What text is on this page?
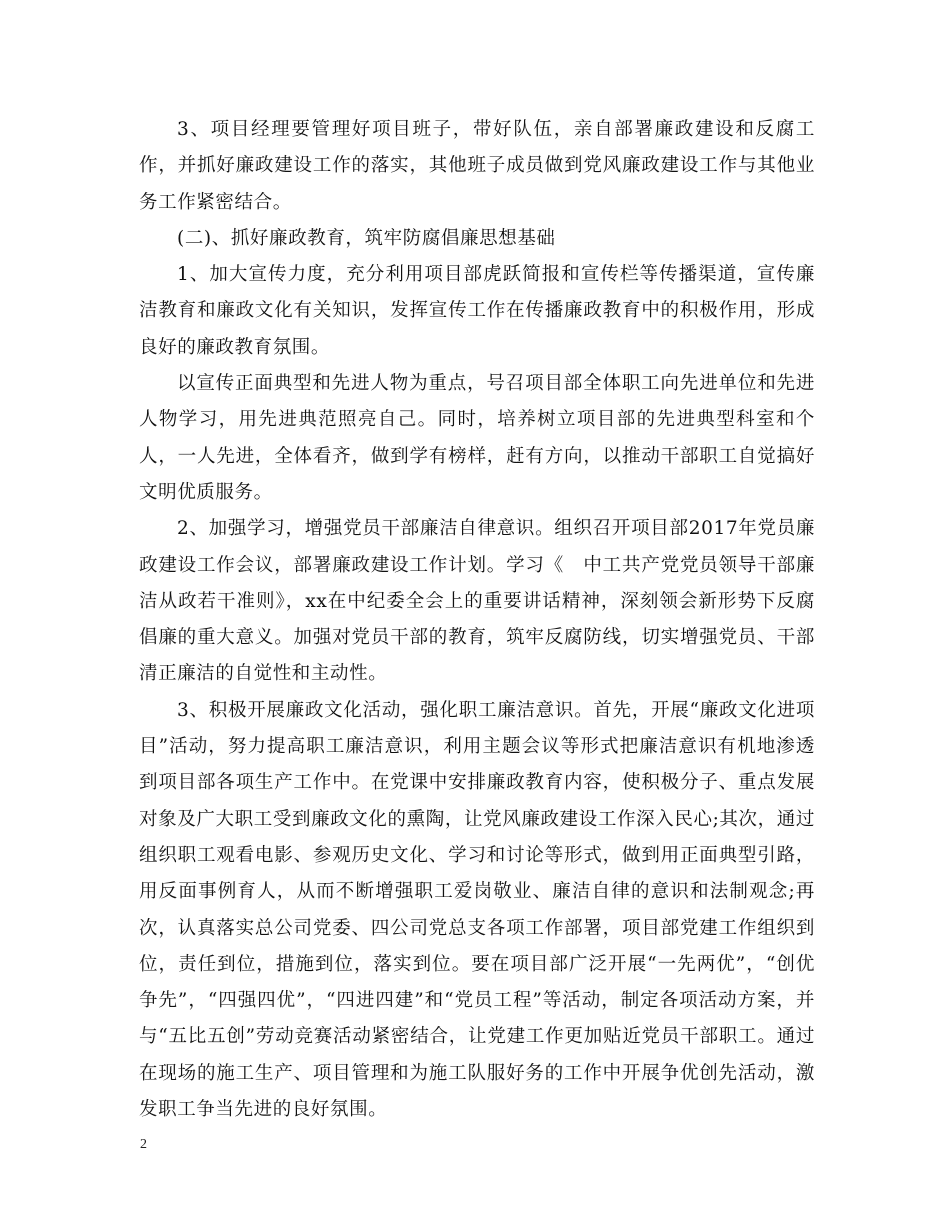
3、项目经理要管理好项目班子，带好队伍，亲自部署廉政建设和反腐工作，并抓好廉政建设工作的落实，其他班子成员做到党风廉政建设工作与其他业务工作紧密结合。

(二)、抓好廉政教育，筑牢防腐倡廉思想基础

1、加大宣传力度，充分利用项目部虎跃简报和宣传栏等传播渠道，宣传廉洁教育和廉政文化有关知识，发挥宣传工作在传播廉政教育中的积极作用，形成良好的廉政教育氛围。

以宣传正面典型和先进人物为重点，号召项目部全体职工向先进单位和先进人物学习，用先进典范照亮自己。同时，培养树立项目部的先进典型科室和个人，一人先进，全体看齐，做到学有榜样，赶有方向，以推动干部职工自觉搞好文明优质服务。

2、加强学习，增强党员干部廉洁自律意识。组织召开项目部2017年党员廉政建设工作会议，部署廉政建设工作计划。学习《　中工共产党党员领导干部廉洁从政若干准则》，xx在中纪委全会上的重要讲话精神，深刻领会新形势下反腐倡廉的重大意义。加强对党员干部的教育，筑牢反腐防线，切实增强党员、干部清正廉洁的自觉性和主动性。

3、积极开展廉政文化活动，强化职工廉洁意识。首先，开展“廉政文化进项目”活动，努力提高职工廉洁意识，利用主题会议等形式把廉洁意识有机地渗透到项目部各项生产工作中。在党课中安排廉政教育内容，使积极分子、重点发展对象及广大职工受到廉政文化的熏陶，让党风廉政建设工作深入民心;其次，通过组织职工观看电影、参观历史文化、学习和讨论等形式，做到用正面典型引路，用反面事例育人，从而不断增强职工爱岗敬业、廉洁自律的意识和法制观念;再次，认真落实总公司党委、四公司党总支各项工作部署，项目部党建工作组织到位，责任到位，措施到位，落实到位。要在项目部广泛开展“一先两优”，“创优争先”，“四强四优”，“四进四建”和“党员工程”等活动，制定各项活动方案，并与“五比五创”劳动竞赛活动紧密结合，让党建工作更加贴近党员干部职工。通过在现场的施工生产、项目管理和为施工队服好务的工作中开展争优创先活动，激发职工争当先进的良好氛围。

2
